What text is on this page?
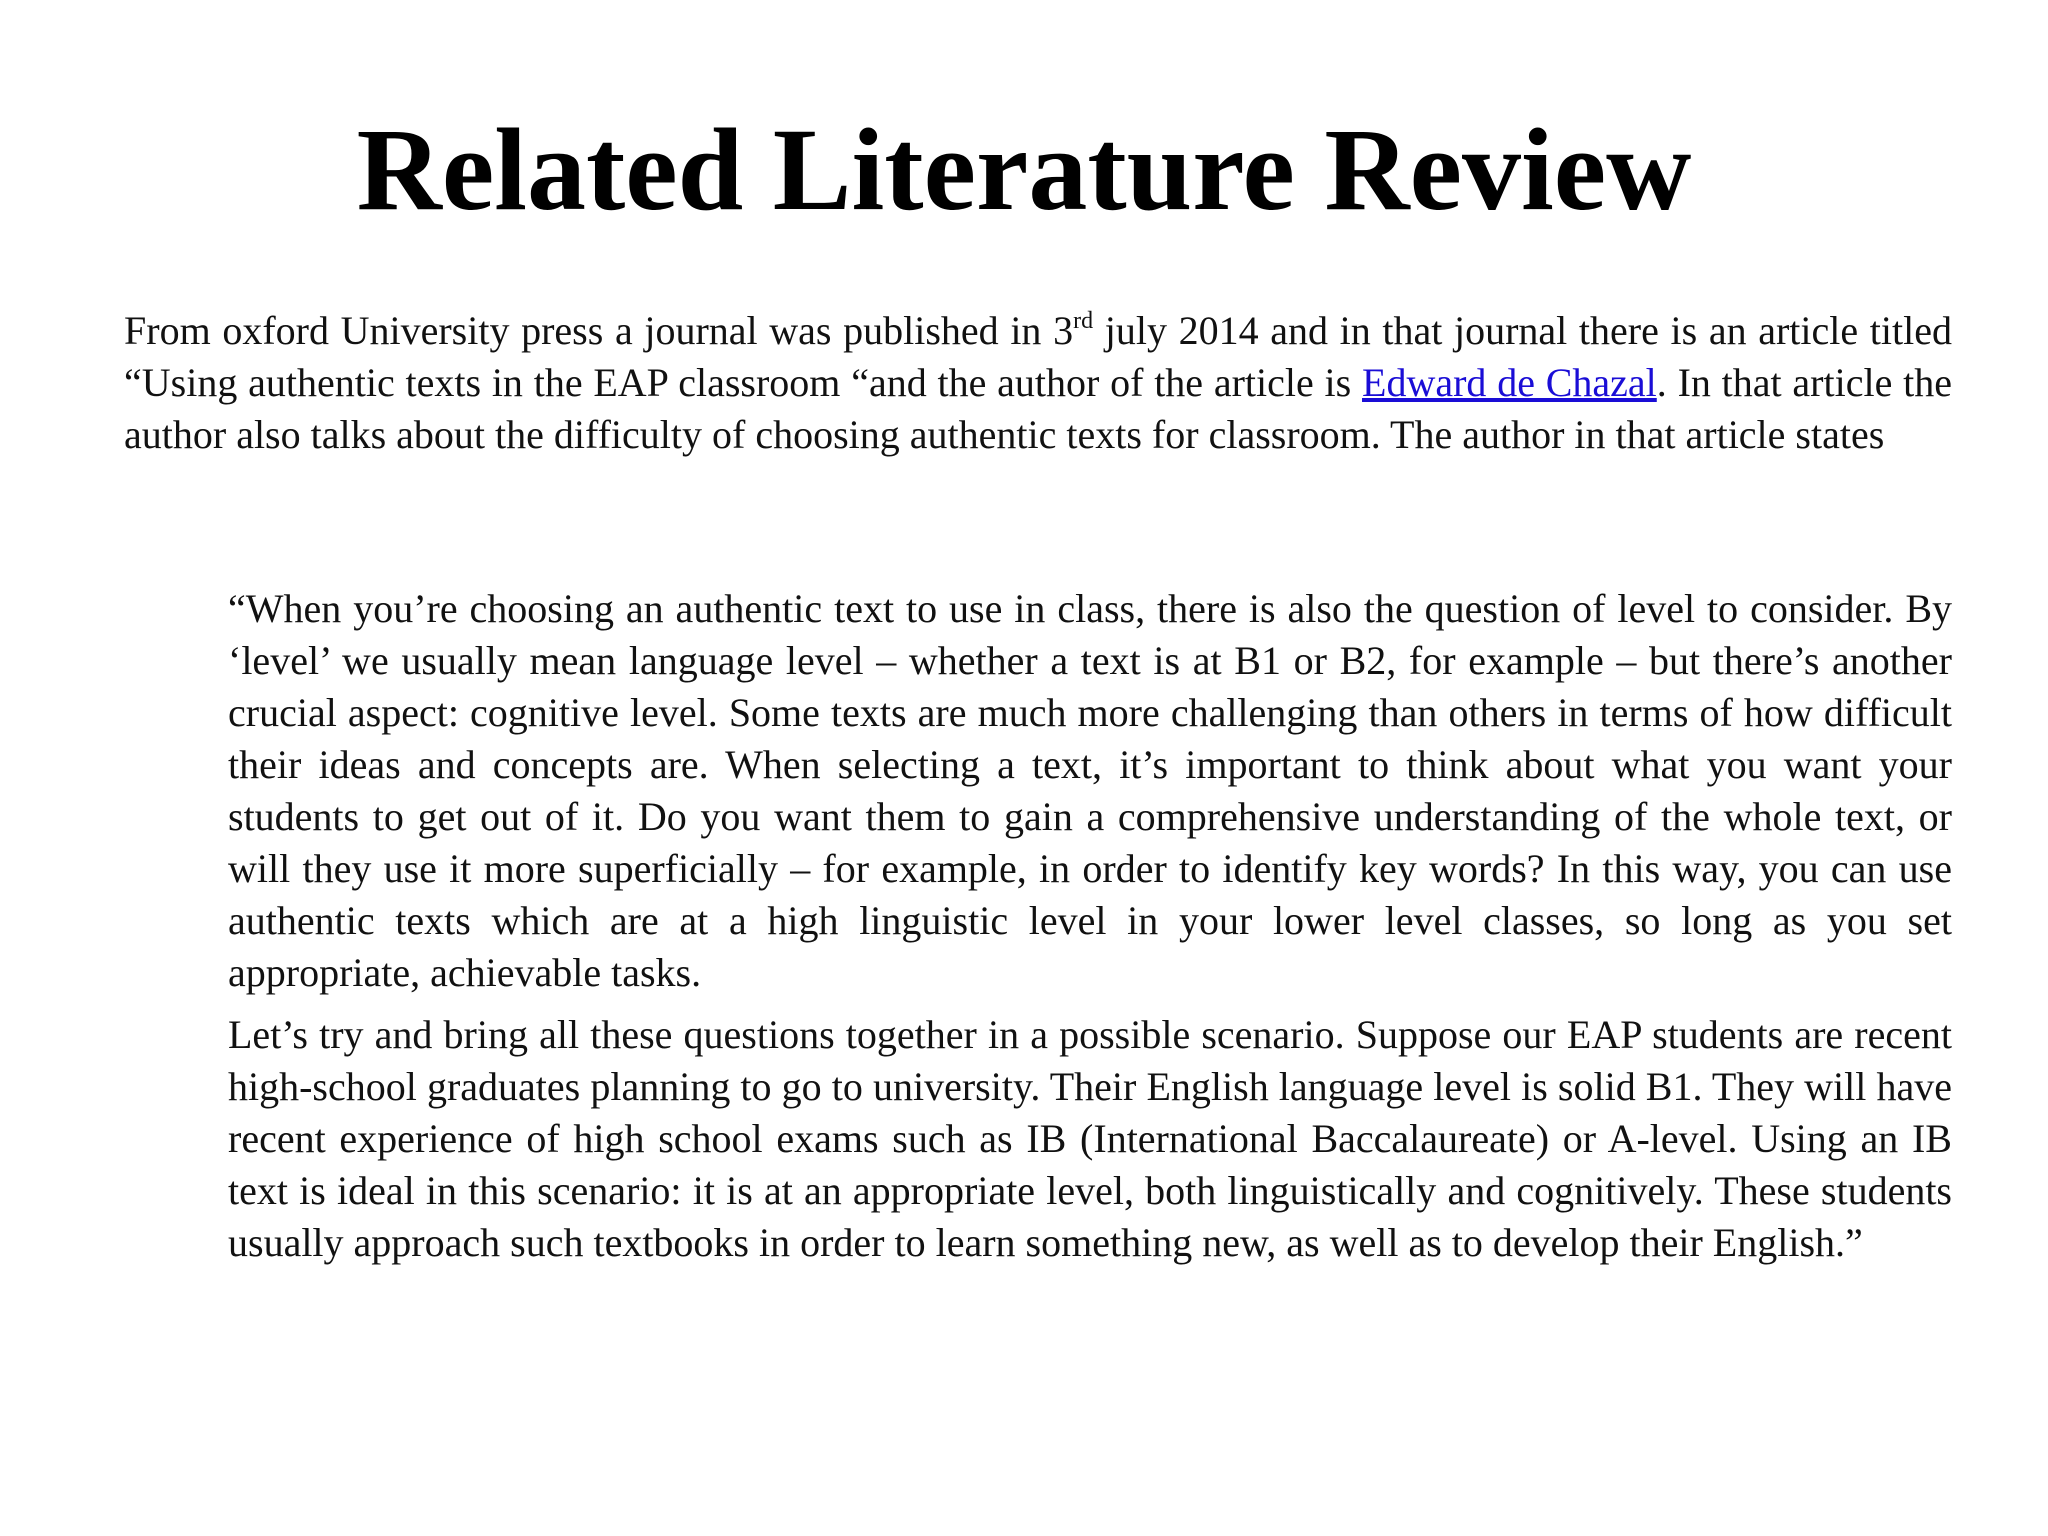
Related Literature Review

From oxford University press a journal was published in 3rd july 2014 and in that journal there is an article titled “Using authentic texts in the EAP classroom “and the author of the article is Edward de Chazal. In that article the author also talks about the difficulty of choosing authentic texts for classroom. The author in that article states

“When you’re choosing an authentic text to use in class, there is also the question of level to consider. By ‘level’ we usually mean language level – whether a text is at B1 or B2, for example – but there’s another crucial aspect: cognitive level. Some texts are much more challenging than others in terms of how difficult their ideas and concepts are. When selecting a text, it’s important to think about what you want your students to get out of it. Do you want them to gain a comprehensive understanding of the whole text, or will they use it more superficially – for example, in order to identify key words? In this way, you can use authentic texts which are at a high linguistic level in your lower level classes, so long as you set appropriate, achievable tasks.

Let’s try and bring all these questions together in a possible scenario. Suppose our EAP students are recent high-school graduates planning to go to university. Their English language level is solid B1. They will have recent experience of high school exams such as IB (International Baccalaureate) or A-level. Using an IB text is ideal in this scenario: it is at an appropriate level, both linguistically and cognitively. These students usually approach such textbooks in order to learn something new, as well as to develop their English.”
